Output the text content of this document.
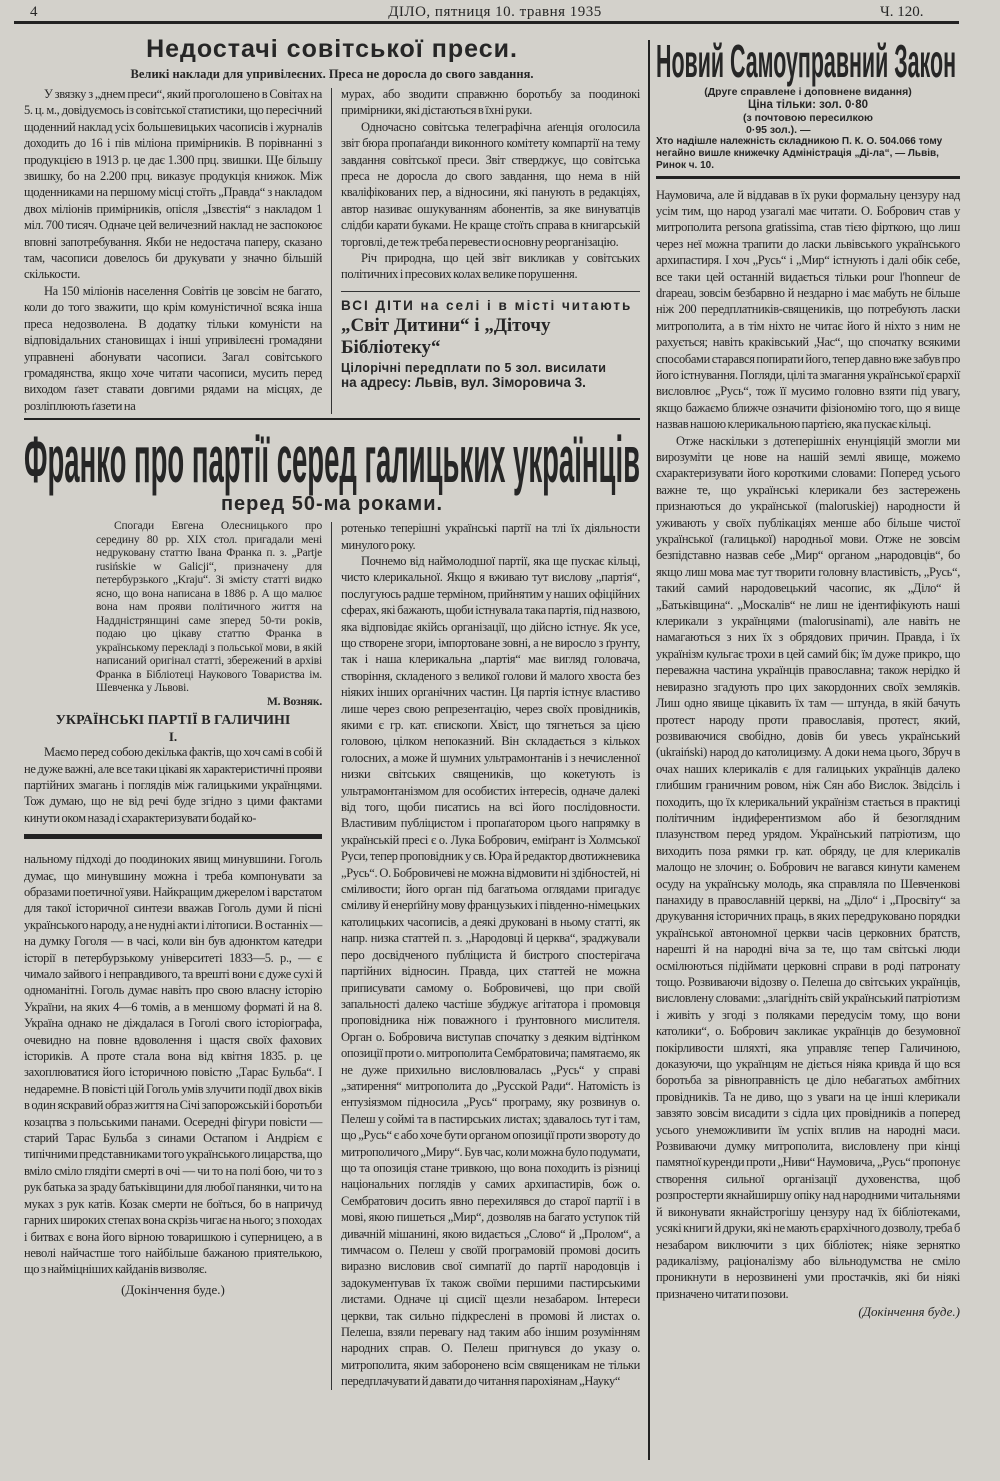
4	ДІЛО, пятниця 10. травня 1935	Ч. 120.
Недостачі совітської преси.
Великі наклади для упривілеєних. Преса не доросла до свого завдання.

У звязку з „днем преси“, який проголошено в Совітах на 5. ц. м., довідуємось із совітської статистики, що пересічний щоденний наклад усіх большевицьких часописів і журналів доходить до 16 і пів міліона примірників. В порівнанні з продукцією в 1913 р. це дає 1.300 прц. звишки. Ще більшу звишку, бо на 2.200 прц. виказує продукція книжок. Між щоденниками на першому місці стоїть „Правда“ з накладом двох міліонів примірників, опісля „Ізвєстія“ з накладом 1 міл. 700 тисяч. Одначе цей величезний наклад не заспокоює вповні запотребування. Якби не недостача паперу, сказано там, часописи довелось би друкувати у значно більшій скількости.

На 150 міліонів населення Совітів це зовсім не багато, коли до того зважити, що крім комуністичної всяка інша преса недозволена. В додатку тільки комуністи на відповідальних становищах і інші упривілеєні громадяни управнені абонувати часописи. Загал совітського громадянства, якщо хоче читати часописи, мусить перед виходом ґазет ставати довгими рядами на місцях, де розліплюють ґазети на

мурах, або зводити справжню боротьбу за поодинокі примірники, які дістаються в їхні руки.

Одночасно совітська телеграфічна аґенція оголосила звіт бюра пропаґанди виконного комітету компартії на тему завдання совітської преси. Звіт стверджує, що совітська преса не доросла до свого завдання, що нема в ній кваліфікованих пер, а відносини, які панують в редакціях, автор називає ошукуванням абонентів, за яке винуватців слідби карати буками. Не краще стоїть справа в книгарській торговлі, де теж треба перевести основну реорганізацію.

Річ природна, що цей звіт викликав у совітських політичних і пресових колах велике порушення.

ВСІ ДІТИ на селі і в місті читають
„Світ Дитини“ і „Діточу Бібліотеку“
Цілорічні передплати по 5 зол. висилати
на адресу: Львів, вул. Зіморовича 3.
Франко про партії серед галицьких українців
перед 50-ма роками.

Спогади Евгена Олесницького про середину 80 рр. XIX стол. пригадали мені недруковану статтю Івана Франка п. з. „Partje rusińskie w Galicji“, призначену для петербурзького „Kraju“. Зі змісту статті видко ясно, що вона написана в 1886 р. А що малює вона нам прояви політичного життя на Наддністрянщині саме зперед 50-ти років, подаю цю цікаву статтю Франка в українському перекладі з польської мови, в якій написаний оригінал статті, збережений в архіві Франка в Бібліотеці Наукового Товариства ім. Шевченка у Львові.

М. Возняк.
УКРАЇНСЬКІ ПАРТІЇ В ГАЛИЧИНІ
I.

Маємо перед собою декілька фактів, що хоч самі в собі й не дуже важні, але все таки цікаві як характеристичні прояви партійних змагань і поглядів між галицькими українцями. Тож думаю, що не від речі буде згідно з цими фактами кинути оком назад і схарактеризувати бодай ко-

нальному підході до поодиноких явищ минувшини. Гоголь думає, що минувшину можна і треба компонувати за образами поетичної уяви. Найкращим джерелом і варстатом для такої історичної синтези вважав Гоголь думи й пісні українського народу, а не нудні акти і літописи. В останніх — на думку Гоголя — в часі, коли він був адюнктом катедри історії в петербурзькому університеті 1833—5. р., — є чимало зайвого і неправдивого, та врешті вони є дуже сухі й одноманітні. Гоголь думає навіть про свою власну історію України, на яких 4—6 томів, а в меншому форматі й на 8. Україна однако не діждалася в Гоголі свого історіографа, очевидно на повне вдоволення і щастя своїх фахових істориків. А проте стала вона від квітня 1835. р. це захоплюватися його історичною повістю „Тарас Бульба“. І недаремне. В повісті цій Гоголь умів злучити події двох віків в один яскравий образ життя на Січі запорожській і боротьби козацтва з польськими панами. Осередні фігури повісти — старий Тарас Бульба з синами Остапом і Андрієм є типічними представниками того українського лицарства, що вміло сміло глядіти смерті в очі — чи то на полі бою, чи то з рук батька за зраду батьківщини для любої панянки, чи то на муках з рук катів. Козак смерти не боїться, бо в напричуд гарних широких степах вона скрізь чигає на нього; з походах і битвах є вона його вірною товаришкою і суперницею, а в неволі найчастше того найбільше бажаною приятелькою, що з найміцніших кайданів визволяє.

(Докінчення буде.)

ротенько теперішні українські партії на тлі їх діяльности минулого року.

Почнемо від наймолодшої партії, яка ще пускає кільці, чисто клерикальної. Якщо я вживаю тут вислову „партія“, послугуюсь радше терміном, прийнятим у наших офіційних сферах, які бажають, щоби істнувала така партія, під назвою, яка відповідає якійсь організації, що дійсно істнує. Як усе, що створене згори, імпортоване зовні, а не виросло з ґрунту, так і наша клерикальна „партія“ має вигляд головача, створіння, складеного з великої голови й малого хвоста без ніяких інших органічних частин. Ця партія істнує властиво лише через свою репрезентацію, через своїх провідників, якими є гр. кат. єпископи. Хвіст, що тягнеться за цією головою, цілком непоказний. Він складається з кількох голосних, а може й шумних ультрамонтанів і з нечисленної низки світських священиків, що кокетують із ультрамонтанізмом для особистих інтересів, одначе далекі від того, щоби писатись на всі його послідовности. Властивим публіцистом і пропаґатором цього напрямку в українській пресі є о. Лука Бобрович, еміґрант із Холмської Руси, тепер проповідник у св. Юра й редактор двотижневика „Русь“. О. Бобровичеві не можна відмовити ні здібностей, ні сміливости; його орган під багатьома оглядами пригадує сміливу й енерґійну мову французьких і південно-німецьких католицьких часописів, а деякі друковані в ньому статті, як напр. низка статтей п. з. „Народовці й церква“, зраджували перо досвідченого публіциста й бистрого спостерігача партійних відносин. Правда, цих статтей не можна приписувати самому о. Бобровичеві, що при своїй запальності далеко частіше збуджує агітатора і промовця проповідника ніж поважного і ґрунтовного мислителя. Орган о. Бобровича виступав спочатку з деяким відтінком опозиції проти о. митрополита Сембратовича; памятаємо, як не дуже прихильно висловлювалась „Русь“ у справі „затирення“ митрополита до „Русской Ради“. Натомість із ентузіязмом підносила „Русь“ програму, яку розвинув о. Пелеш у соймі та в пастирських листах; здавалось тут і там, що „Русь“ є або хоче бути органом опозиції проти звороту до митрополичого „Миру“. Був час, коли можна було подумати, що та опозиція стане тривкою, що вона походить із різниці національних поглядів у самих архипастирів, бож о. Сембратович досить явно перехилявся до старої партії і в мові, якою пишеться „Мир“, дозволяв на багато уступок тій дивачній мішанині, якою видається „Слово“ й „Пролом“, а тимчасом о. Пелеш у своїй програмовій промові досить виразно висловив свої симпатії до партії народовців і задокументував їх також своїми першими пастирськими листами. Одначе ці сцисії щезли незабаром. Інтереси церкви, так сильно підкреслені в промові й листах о. Пелеша, взяли перевагу над таким або іншим розумінням народних справ. О. Пелеш пригнувся до указу о. митрополита, яким заборонено всім священикам не тільки передплачувати й давати до читання парохіянам „Науку“

Новий Самоуправний Закон
(Друге справлене і доповнене видання)
Ціна тільки: зол. 0·80
(з почтовою пересилкою
0·95 зол.). —
Хто надішле належність складникою П. К. О. 504.066 тому негайно вишле книжечку Адміністрація „Ді-ла“, — Львів, Ринок ч. 10.

Наумовича, але й віддавав в їх руки формальну цензуру над усім тим, що народ узагалі має читати. О. Бобрович став у митрополита persona gratissima, став тією фірткою, що лиш через неї можна трапити до ласки львівського українського архипастиря. І хоч „Русь“ і „Мир“ істнують і далі обік себе, все таки цей останній видається тільки pour l'honneur de drapeau, зовсім безбарвно й нездарно і має мабуть не більше ніж 200 передплатників-священиків, що потребують ласки митрополита, а в тім ніхто не читає його й ніхто з ним не рахується; навіть краківський „Час“, що спочатку всякими способами старався попирати його, тепер давно вже забув про його істнування. Погляди, цілі та змагання української єрархії висловлює „Русь“, тож її мусимо головно взяти під увагу, якщо бажаємо ближче означити фізіономію того, що я вище назвав нашою клерикальною партією, яка пускає кільці.

Отже наскільки з дотеперішніх енунціяцій змогли ми вирозуміти це нове на нашій землі явище, можемо схарактеризувати його короткими словами: Поперед усього важне те, що українські клерикали без застережень признаються до української (maloruskiej) народности й уживають у своїх публікаціях менше або більше чистої української (галицької) народньої мови. Отже не зовсім безпідставно назвав себе „Мир“ органом „народовців“, бо якщо лиш мова має тут творити головну властивість, „Русь“, такий самий народовецький часопис, як „Діло“ й „Батьківщина“. „Москалів“ не лиш не ідентифікують наші клерикали з українцями (malorusinami), але навіть не намагаються з них їх з обрядових причин. Правда, і їх українізм кульгає трохи в цей самий бік; їм дуже прикро, що переважна частина українців православна; також нерідко й невиразно згадують про цих закордонних своїх земляків. Лиш одно явище цікавить їх там — штунда, в якій бачуть протест народу проти православія, протест, який, розвиваючися свобідно, довів би увесь український (ukraiński) народ до католицизму. А доки нема цього, Збруч в очах наших клерикалів є для галицьких українців далеко глибшим граничним ровом, ніж Сян або Вислок. Звідсіль і походить, що їх клерикальний українізм стається в практиці політичним індиферентизмом або й безоглядним плазунством перед урядом. Український патріотизм, що виходить поза рямки гр. кат. обряду, це для клерикалів малощо не злочин; о. Бобрович не вагався кинути каменем осуду на українську молодь, яка справляла по Шевченкові панахиду в православній церкві, на „Діло“ і „Просвіту“ за друкування історичних праць, в яких передруковано порядки української автономної церкви часів церковних братств, нарешті й на народні віча за те, що там світські люди осмілюються підіймати церковні справи в роді патронату тощо. Розвиваючи відозву о. Пелеша до світських українців, висловлену словами: „злагідніть свій український патріотизм і живіть у згоді з поляками передусім тому, що вони католики“, о. Бобрович закликає українців до безумовної покірливости шляхті, яка управляє тепер Галичиною, доказуючи, що українцям не діється ніяка кривда й що вся боротьба за рівноправність це діло небагатьох амбітних провідників. Та не диво, що з уваги на це інші клерикали завзято зовсім висадити з сідла цих провідників а поперед усього унеможливити їм успіх вплив на народні маси. Розвиваючи думку митрополита, висловлену при кінці памятної куренди проти „Ниви“ Наумовича, „Русь“ пропонує створення сильної організації духовенства, щоб розпростерти якнайширшу опіку над народними читальнями й виконувати якнайстрогішу цензуру над їх бібліотеками, усякі книги й друки, які не мають єрархічного дозволу, треба б незабаром виключити з цих бібліотек; ніяке зернятко радикалізму, раціоналізму або вільнодумства не сміло проникнути в нерозвинені уми простачків, які би ніякі призначено читати позови.

(Докінчення буде.)
